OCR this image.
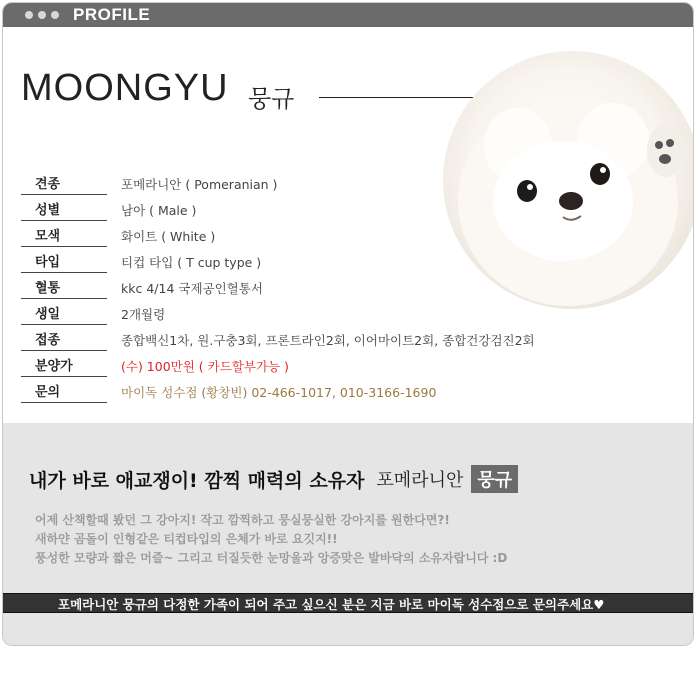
PROFILE
MOONGYU 뭉규
견종	포메라니안 ( Pomeranian )
성별	남아 ( Male )
모색	화이트 ( White )
타입	티컵 타입 ( T cup type )
혈통	kkc 4/14 국제공인혈통서
생일	2개월령
접종	종합백신1차, 원.구충3회, 프론트라인2회, 이어마이트2회, 종합건강검진2회
분양가	(수) 100만원 ( 카드할부가능 )
문의	마이독 성수점 (황창빈) 02-466-1017, 010-3166-1690
내가 바로 애교쟁이! 깜찍 매력의 소유자 포메라니안 뭉규

어제 산책할때 봤던 그 강아지! 작고 깜찍하고 뭉실뭉실한 강아지를 원한다면?!

새하얀 곰돌이 인형같은 티컵타입의 은체가 바로 요깃지!!

풍성한 모량과 짧은 머즐~ 그리고 터질듯한 눈망울과 앙증맞은 발바닥의 소유자랍니다 :D

포메라니안 뭉규의 다정한 가족이 되어 주고 싶으신 분은 지금 바로 마이독 성수점으로 문의주세요♥
